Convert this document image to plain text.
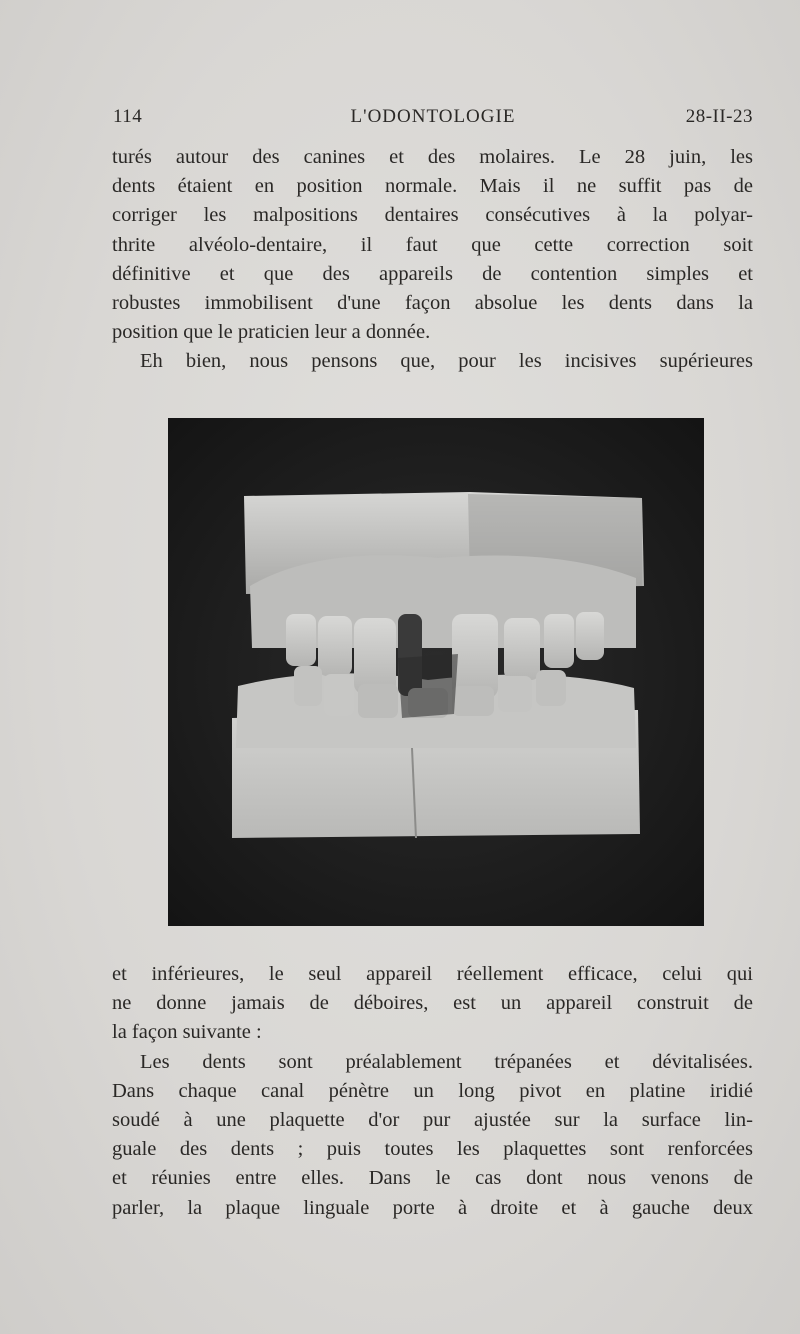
114	L'ODONTOLOGIE	28-II-23
turés autour des canines et des molaires. Le 28 juin, les
dents étaient en position normale. Mais il ne suffit pas de
corriger les malpositions dentaires consécutives à la polyar-
thrite alvéolo-dentaire, il faut que cette correction soit
définitive et que des appareils de contention simples et
robustes immobilisent d'une façon absolue les dents dans la
position que le praticien leur a donnée.
Eh bien, nous pensons que, pour les incisives supérieures
et inférieures, le seul appareil réellement efficace, celui qui
ne donne jamais de déboires, est un appareil construit de
la façon suivante :
Les dents sont préalablement trépanées et dévitalisées.
Dans chaque canal pénètre un long pivot en platine iridié
soudé à une plaquette d'or pur ajustée sur la surface lin-
guale des dents ; puis toutes les plaquettes sont renforcées
et réunies entre elles. Dans le cas dont nous venons de
parler, la plaque linguale porte à droite et à gauche deux
